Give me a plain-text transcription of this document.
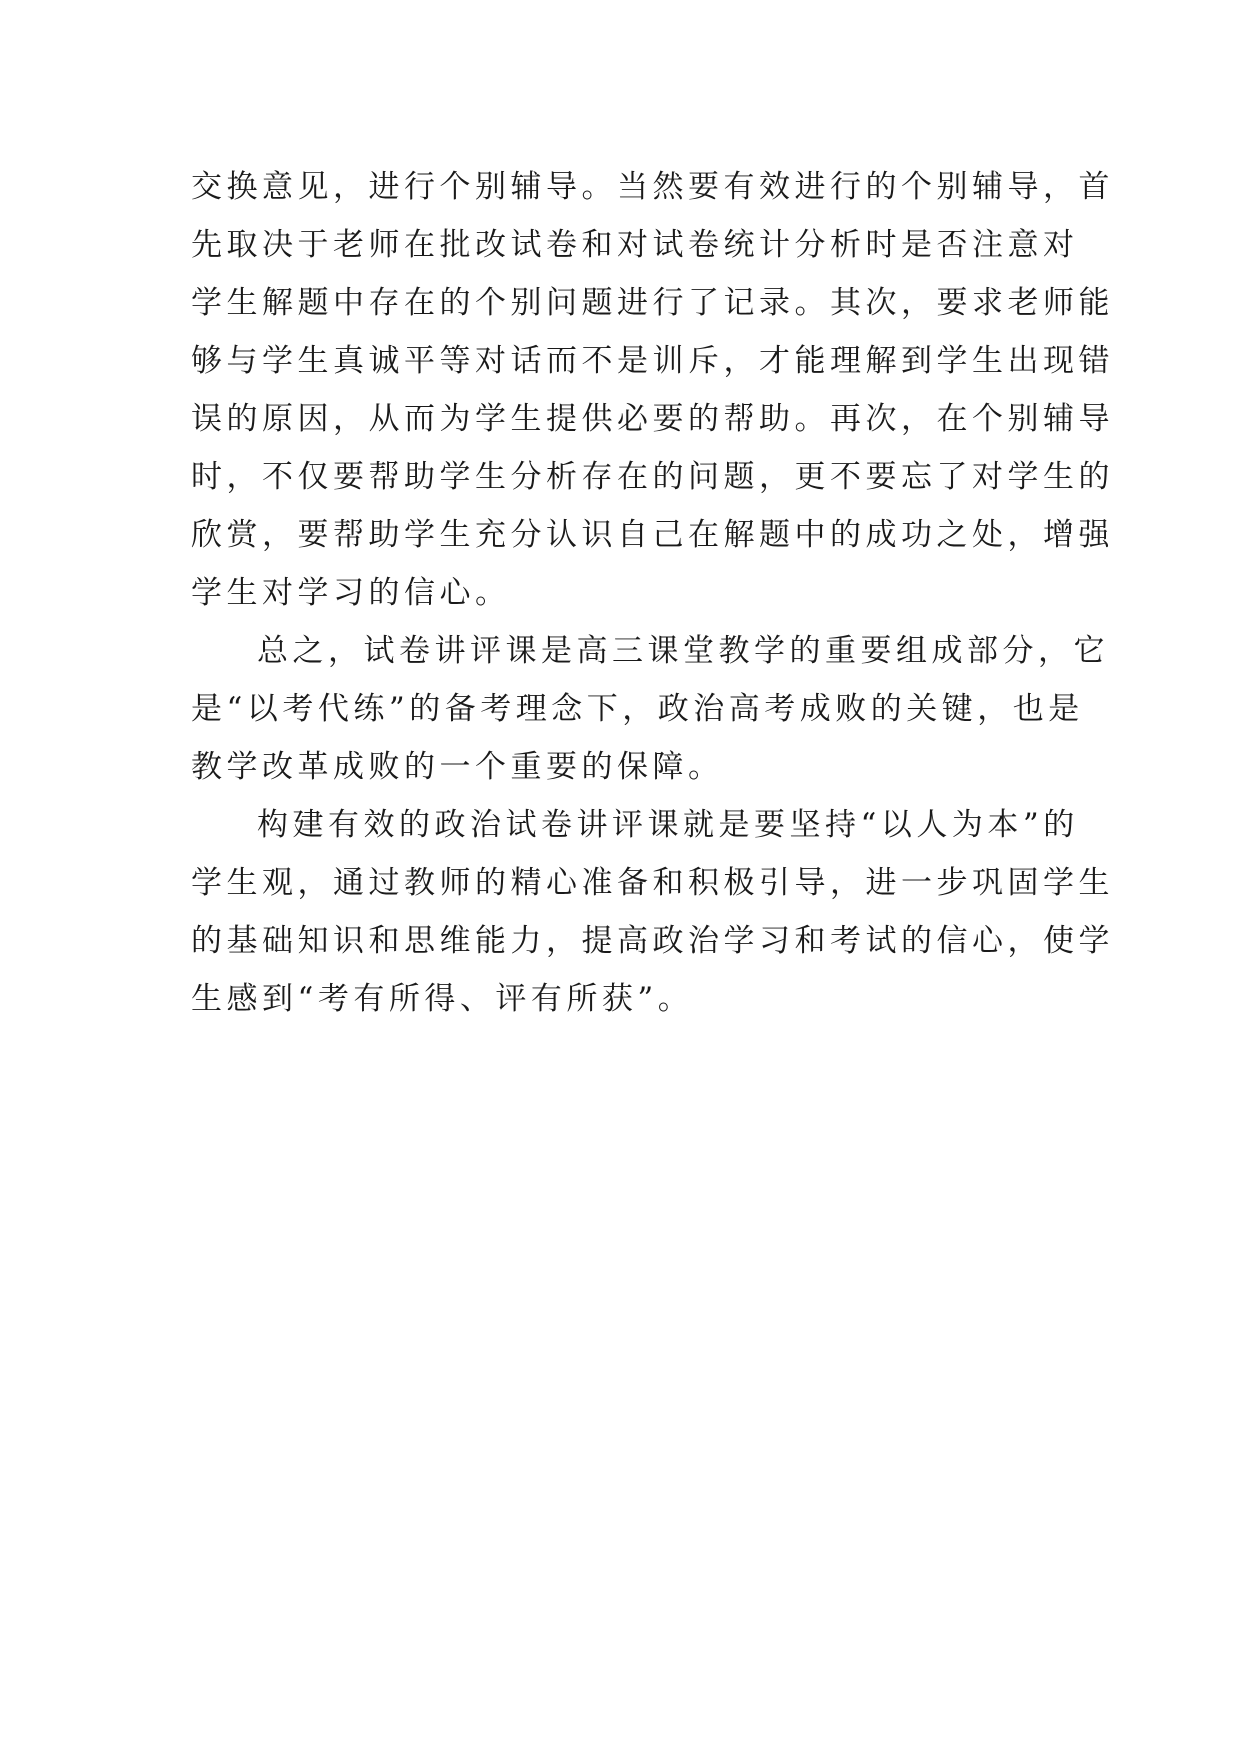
交换意见，进行个别辅导。当然要有效进行的个别辅导，首
先取决于老师在批改试卷和对试卷统计分析时是否注意对
学生解题中存在的个别问题进行了记录。其次，要求老师能
够与学生真诚平等对话而不是训斥，才能理解到学生出现错
误的原因，从而为学生提供必要的帮助。再次，在个别辅导
时，不仅要帮助学生分析存在的问题，更不要忘了对学生的
欣赏，要帮助学生充分认识自己在解题中的成功之处，增强
学生对学习的信心。
总之，试卷讲评课是高三课堂教学的重要组成部分，它
是“以考代练”的备考理念下，政治高考成败的关键，也是
教学改革成败的一个重要的保障。
构建有效的政治试卷讲评课就是要坚持“以人为本”的
学生观，通过教师的精心准备和积极引导，进一步巩固学生
的基础知识和思维能力，提高政治学习和考试的信心，使学
生感到“考有所得、评有所获”。
